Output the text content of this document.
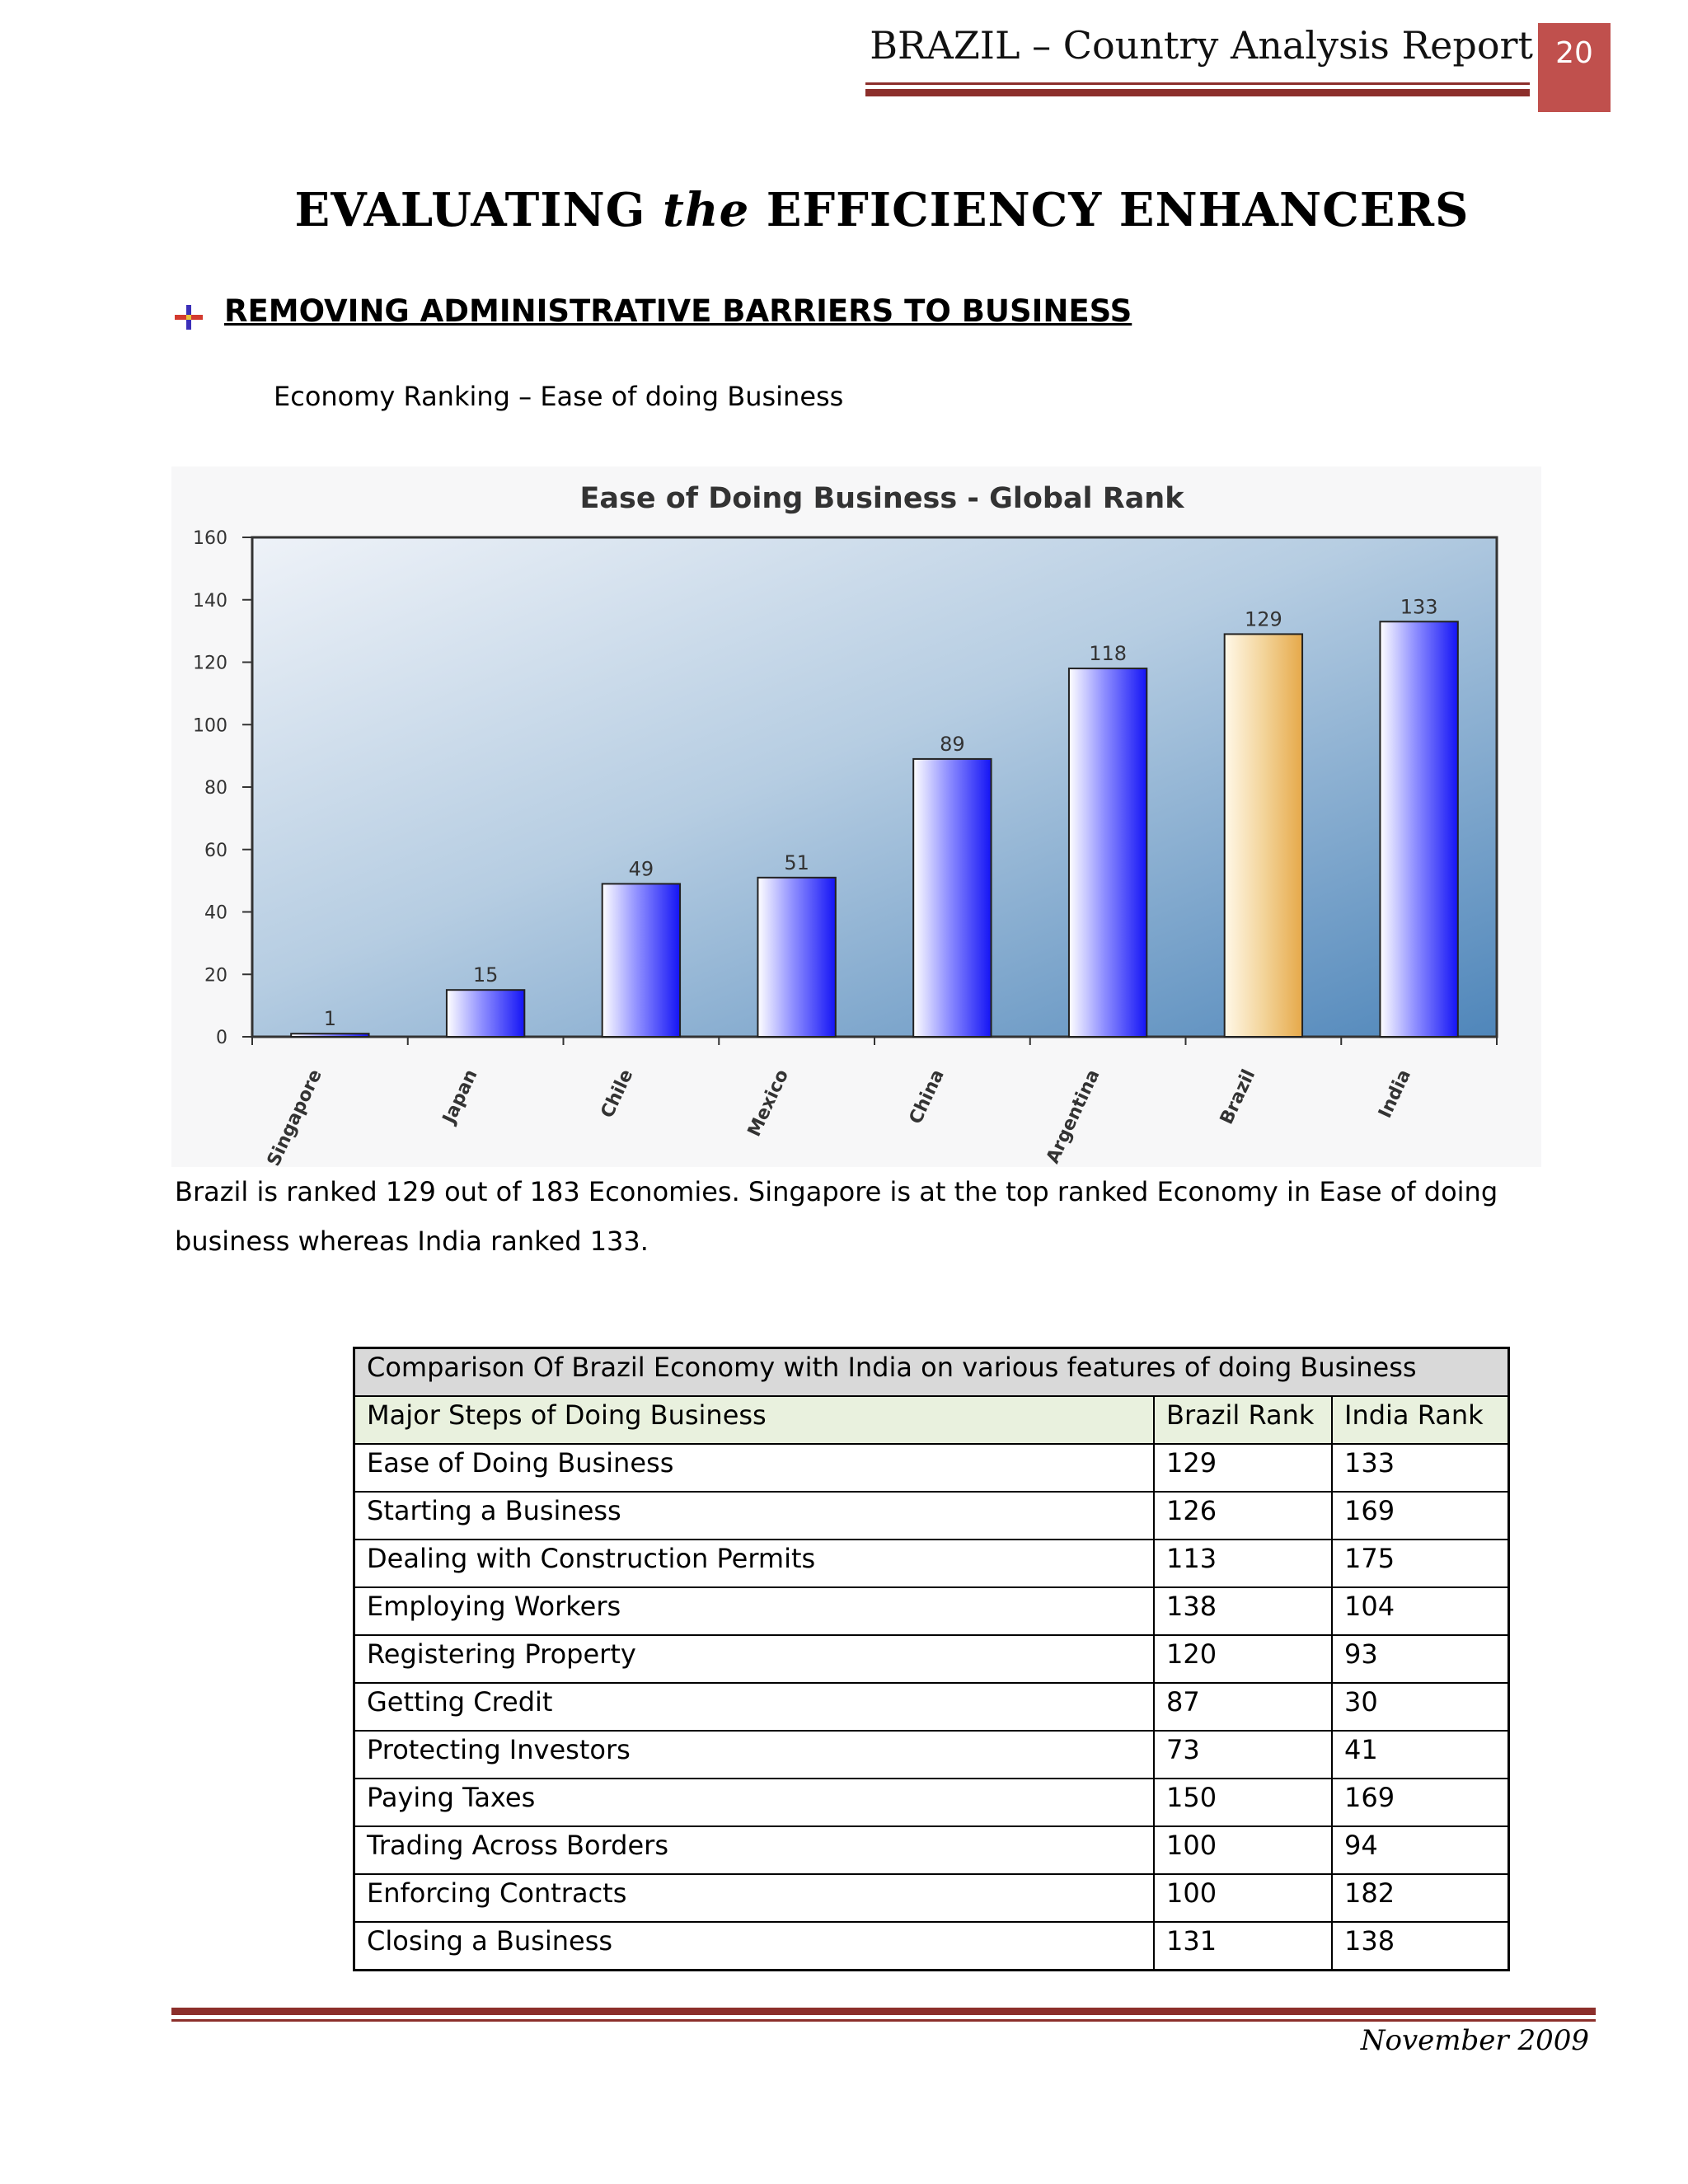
BRAZIL – Country Analysis Report 20
EVALUATING the EFFICIENCY ENHANCERS
REMOVING ADMINISTRATIVE BARRIERS TO BUSINESS
Economy Ranking – Ease of doing Business
Ease of Doing Business - Global Rank
0
20
40
60
80
100
120
140
160
Singapore	Japan	Chile	Mexico	China	Argentina	Brazil	India
1
15
49	51
89
118
129
133
Brazil is ranked 129 out of 183 Economies. Singapore is at the top ranked Economy in Ease of doing business whereas India ranked 133.
Comparison Of Brazil Economy with India on various features of doing Business		
Major Steps of Doing Business	Brazil Rank	India Rank
Ease of Doing Business	129	133
Starting a Business	126	169
Dealing with Construction Permits	113	175
Employing Workers	138	104
Registering Property	120	93
Getting Credit	87	30
Protecting Investors	73	41
Paying Taxes	150	169
Trading Across Borders	100	94
Enforcing Contracts	100	182
Closing a Business	131	138
November 2009
